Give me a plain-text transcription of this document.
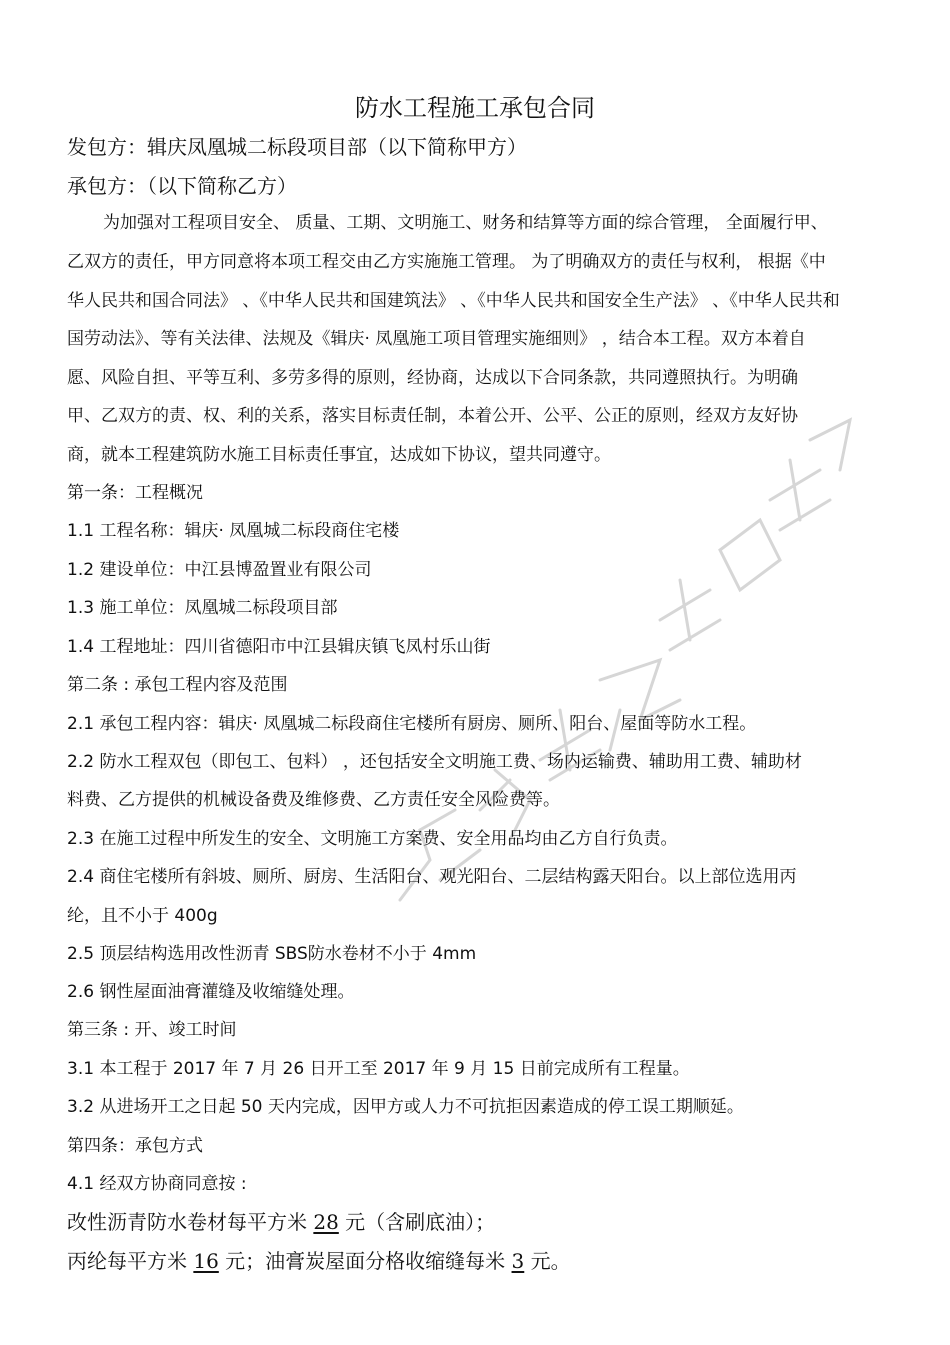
防水工程施工承包合同
发包方：辑庆凤凰城二标段项目部（以下简称甲方）
承包方：（以下简称乙方）
为加强对工程项目安全、 质量、工期、文明施工、财务和结算等方面的综合管理， 全面履行甲、
乙双方的责任，甲方同意将本项工程交由乙方实施施工管理。 为了明确双方的责任与权利， 根据《中
华人民共和国合同法》 、《中华人民共和国建筑法》 、《中华人民共和国安全生产法》 、《中华人民共和
国劳动法》、等有关法律、法规及《辑庆· 凤凰施工项目管理实施细则》 ，结合本工程。双方本着自
愿、风险自担、平等互利、多劳多得的原则，经协商，达成以下合同条款，共同遵照执行。为明确
甲、乙双方的责、权、利的关系，落实目标责任制，本着公开、公平、公正的原则，经双方友好协
商，就本工程建筑防水施工目标责任事宜，达成如下协议，望共同遵守。
第一条：工程概况
1.1 工程名称：辑庆· 凤凰城二标段商住宅楼
1.2 建设单位：中江县博盈置业有限公司
1.3 施工单位：凤凰城二标段项目部
1.4 工程地址：四川省德阳市中江县辑庆镇飞凤村乐山街
第二条 : 承包工程内容及范围
2.1 承包工程内容：辑庆· 凤凰城二标段商住宅楼所有厨房、厕所、阳台、屋面等防水工程。
2.2 防水工程双包（即包工、包料） ，还包括安全文明施工费、场内运输费、辅助用工费、辅助材
料费、乙方提供的机械设备费及维修费、乙方责任安全风险费等。
2.3 在施工过程中所发生的安全、文明施工方案费、安全用品均由乙方自行负责。
2.4 商住宅楼所有斜坡、厕所、厨房、生活阳台、观光阳台、二层结构露天阳台。以上部位选用丙
纶，且不小于 400g
2.5 顶层结构选用改性沥青 SBS防水卷材不小于 4mm
2.6 钢性屋面油膏灌缝及收缩缝处理。
第三条 : 开、竣工时间
3.1 本工程于 2017 年 7 月 26 日开工至 2017 年 9 月 15 日前完成所有工程量。
3.2 从进场开工之日起 50 天内完成，因甲方或人力不可抗拒因素造成的停工误工期顺延。
第四条：承包方式
4.1 经双方协商同意按 :
改性沥青防水卷材每平方米 28 元（含刷底油）；
丙纶每平方米 16 元；油膏炭屋面分格收缩缝每米 3 元。
